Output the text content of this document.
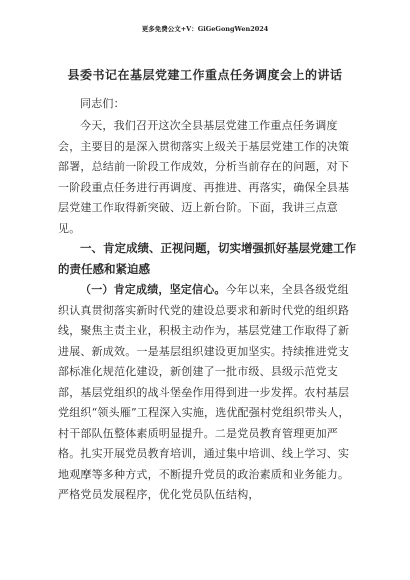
更多免费公文+V：GiGeGongWen2024
县委书记在基层党建工作重点任务调度会上的讲话

同志们：

今天，我们召开这次全县基层党建工作重点任务调度会，主要目的是深入贯彻落实上级关于基层党建工作的决策部署，总结前一阶段工作成效，分析当前存在的问题，对下一阶段重点任务进行再调度、再推进、再落实，确保全县基层党建工作取得新突破、迈上新台阶。下面，我讲三点意见。

一、肯定成绩、正视问题，切实增强抓好基层党建工作的责任感和紧迫感

（一）肯定成绩，坚定信心。今年以来，全县各级党组织认真贯彻落实新时代党的建设总要求和新时代党的组织路线，聚焦主责主业，积极主动作为，基层党建工作取得了新进展、新成效。一是基层组织建设更加坚实。持续推进党支部标准化规范化建设，新创建了一批市级、县级示范党支部，基层党组织的战斗堡垒作用得到进一步发挥。农村基层党组织“领头雁”工程深入实施，选优配强村党组织带头人，村干部队伍整体素质明显提升。二是党员教育管理更加严格。扎实开展党员教育培训，通过集中培训、线上学习、实地观摩等多种方式，不断提升党员的政治素质和业务能力。严格党员发展程序，优化党员队伍结构，
